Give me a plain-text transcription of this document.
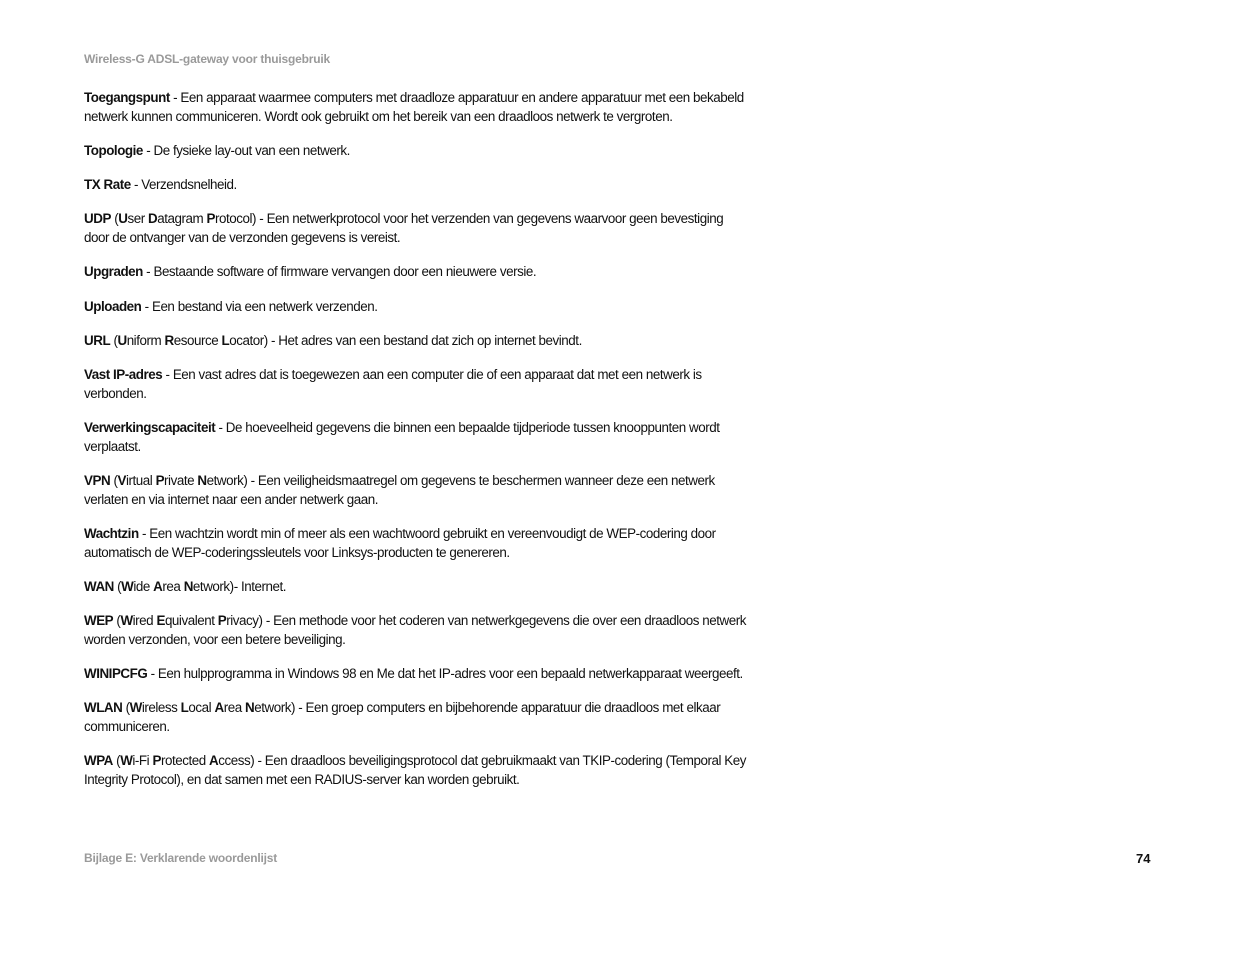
Wireless-G ADSL-gateway voor thuisgebruik

Toegangspunt - Een apparaat waarmee computers met draadloze apparatuur en andere apparatuur met een bekabeld netwerk kunnen communiceren. Wordt ook gebruikt om het bereik van een draadloos netwerk te vergroten.

Topologie - De fysieke lay-out van een netwerk.

TX Rate - Verzendsnelheid.

UDP (User Datagram Protocol) - Een netwerkprotocol voor het verzenden van gegevens waarvoor geen bevestiging door de ontvanger van de verzonden gegevens is vereist.

Upgraden - Bestaande software of firmware vervangen door een nieuwere versie.

Uploaden - Een bestand via een netwerk verzenden.

URL (Uniform Resource Locator) - Het adres van een bestand dat zich op internet bevindt.

Vast IP-adres - Een vast adres dat is toegewezen aan een computer die of een apparaat dat met een netwerk is verbonden.

Verwerkingscapaciteit - De hoeveelheid gegevens die binnen een bepaalde tijdperiode tussen knooppunten wordt verplaatst.

VPN (Virtual Private Network) - Een veiligheidsmaatregel om gegevens te beschermen wanneer deze een netwerk verlaten en via internet naar een ander netwerk gaan.

Wachtzin - Een wachtzin wordt min of meer als een wachtwoord gebruikt en vereenvoudigt de WEP-codering door automatisch de WEP-coderingssleutels voor Linksys-producten te genereren.

WAN (Wide Area Network)- Internet.

WEP (Wired Equivalent Privacy) - Een methode voor het coderen van netwerkgegevens die over een draadloos netwerk worden verzonden, voor een betere beveiliging.

WINIPCFG - Een hulpprogramma in Windows 98 en Me dat het IP-adres voor een bepaald netwerkapparaat weergeeft.

WLAN (Wireless Local Area Network) - Een groep computers en bijbehorende apparatuur die draadloos met elkaar communiceren.

WPA (Wi-Fi Protected Access) - Een draadloos beveiligingsprotocol dat gebruikmaakt van TKIP-codering (Temporal Key Integrity Protocol), en dat samen met een RADIUS-server kan worden gebruikt.

Bijlage E: Verklarende woordenlijst	74
